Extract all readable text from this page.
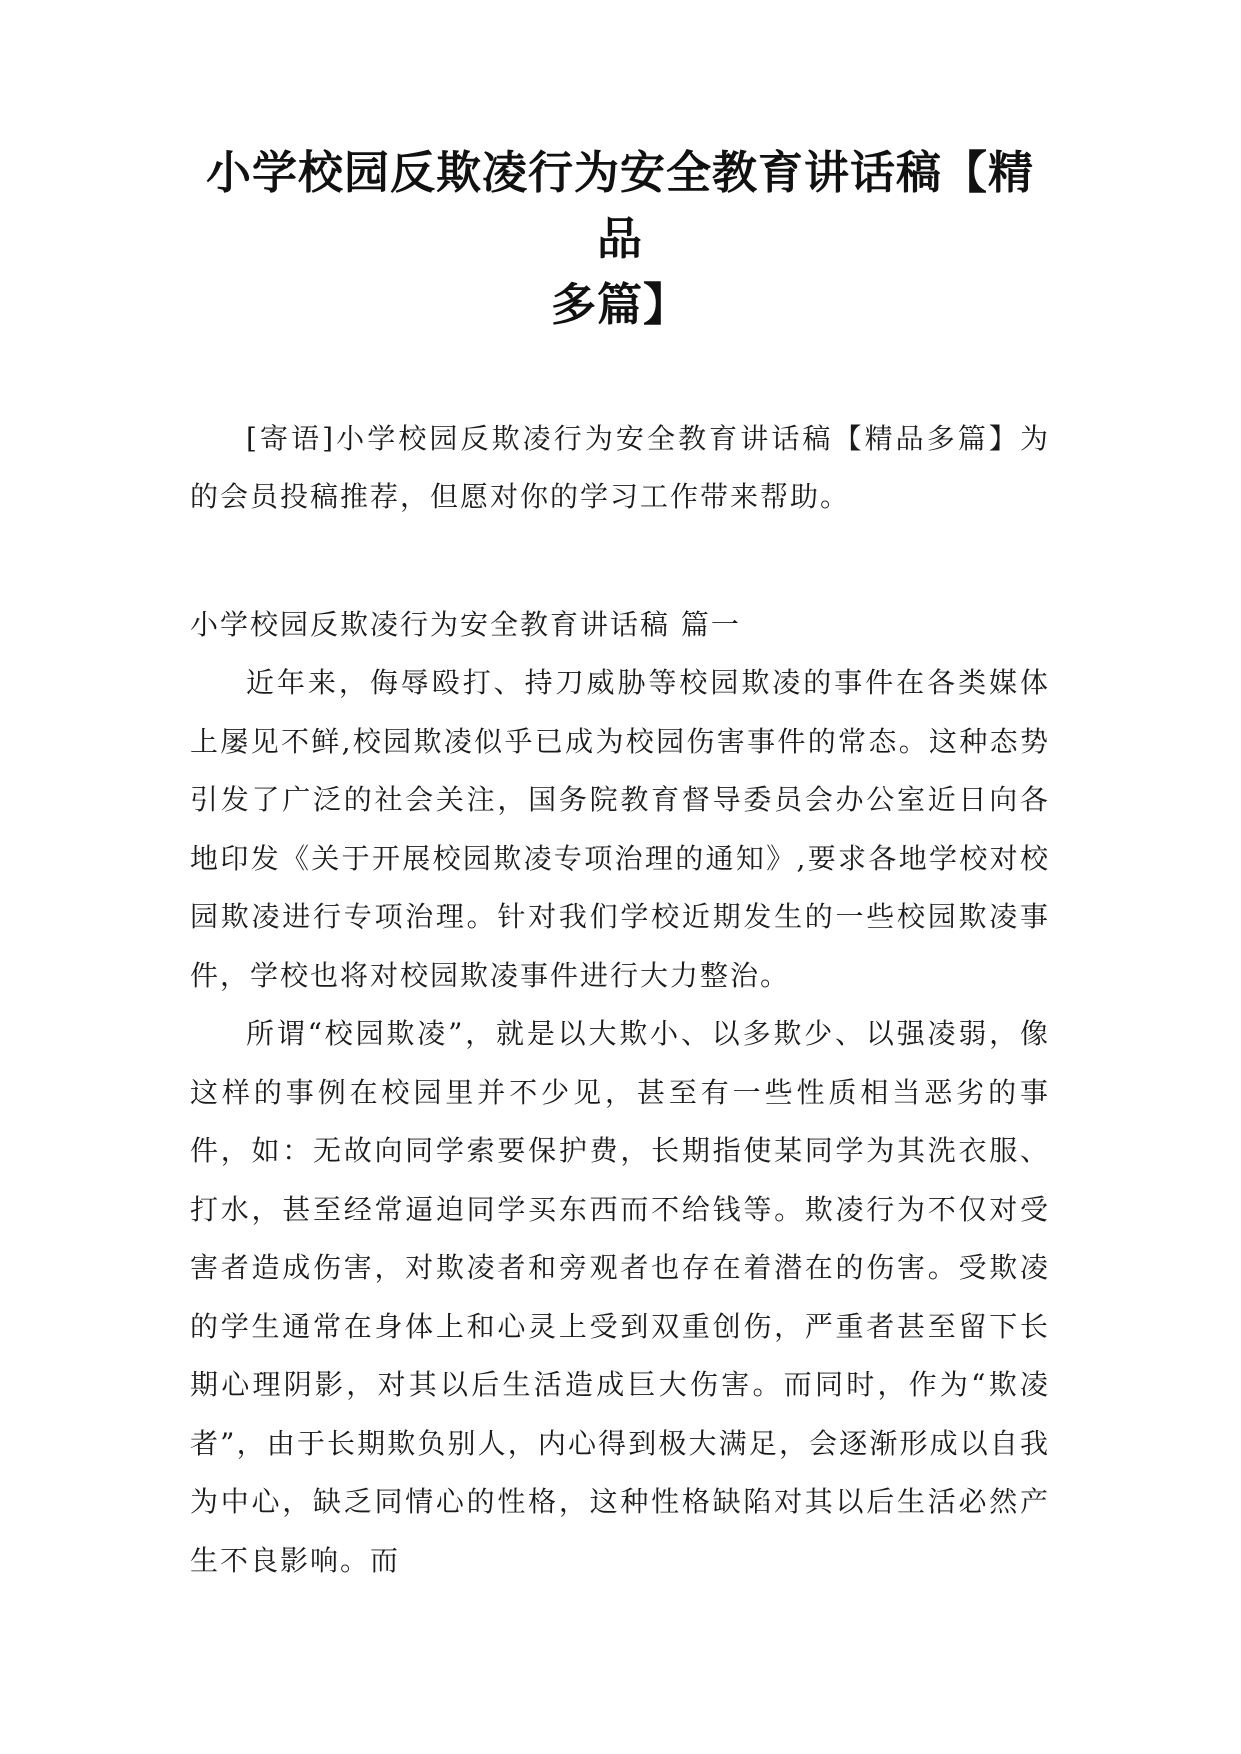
小学校园反欺凌行为安全教育讲话稿【精品
多篇】
[寄语]小学校园反欺凌行为安全教育讲话稿【精品多篇】为的会员投稿推荐，但愿对你的学习工作带来帮助。
小学校园反欺凌行为安全教育讲话稿 篇一

近年来，侮辱殴打、持刀威胁等校园欺凌的事件在各类媒体上屡见不鲜,校园欺凌似乎已成为校园伤害事件的常态。这种态势引发了广泛的社会关注，国务院教育督导委员会办公室近日向各地印发《关于开展校园欺凌专项治理的通知》,要求各地学校对校园欺凌进行专项治理。针对我们学校近期发生的一些校园欺凌事件，学校也将对校园欺凌事件进行大力整治。

所谓“校园欺凌”，就是以大欺小、以多欺少、以强凌弱，像这样的事例在校园里并不少见，甚至有一些性质相当恶劣的事件，如：无故向同学索要保护费，长期指使某同学为其洗衣服、打水，甚至经常逼迫同学买东西而不给钱等。欺凌行为不仅对受害者造成伤害，对欺凌者和旁观者也存在着潜在的伤害。受欺凌的学生通常在身体上和心灵上受到双重创伤，严重者甚至留下长期心理阴影，对其以后生活造成巨大伤害。而同时，作为“欺凌者”，由于长期欺负别人，内心得到极大满足，会逐渐形成以自我为中心，缺乏同情心的性格，这种性格缺陷对其以后生活必然产生不良影响。而
